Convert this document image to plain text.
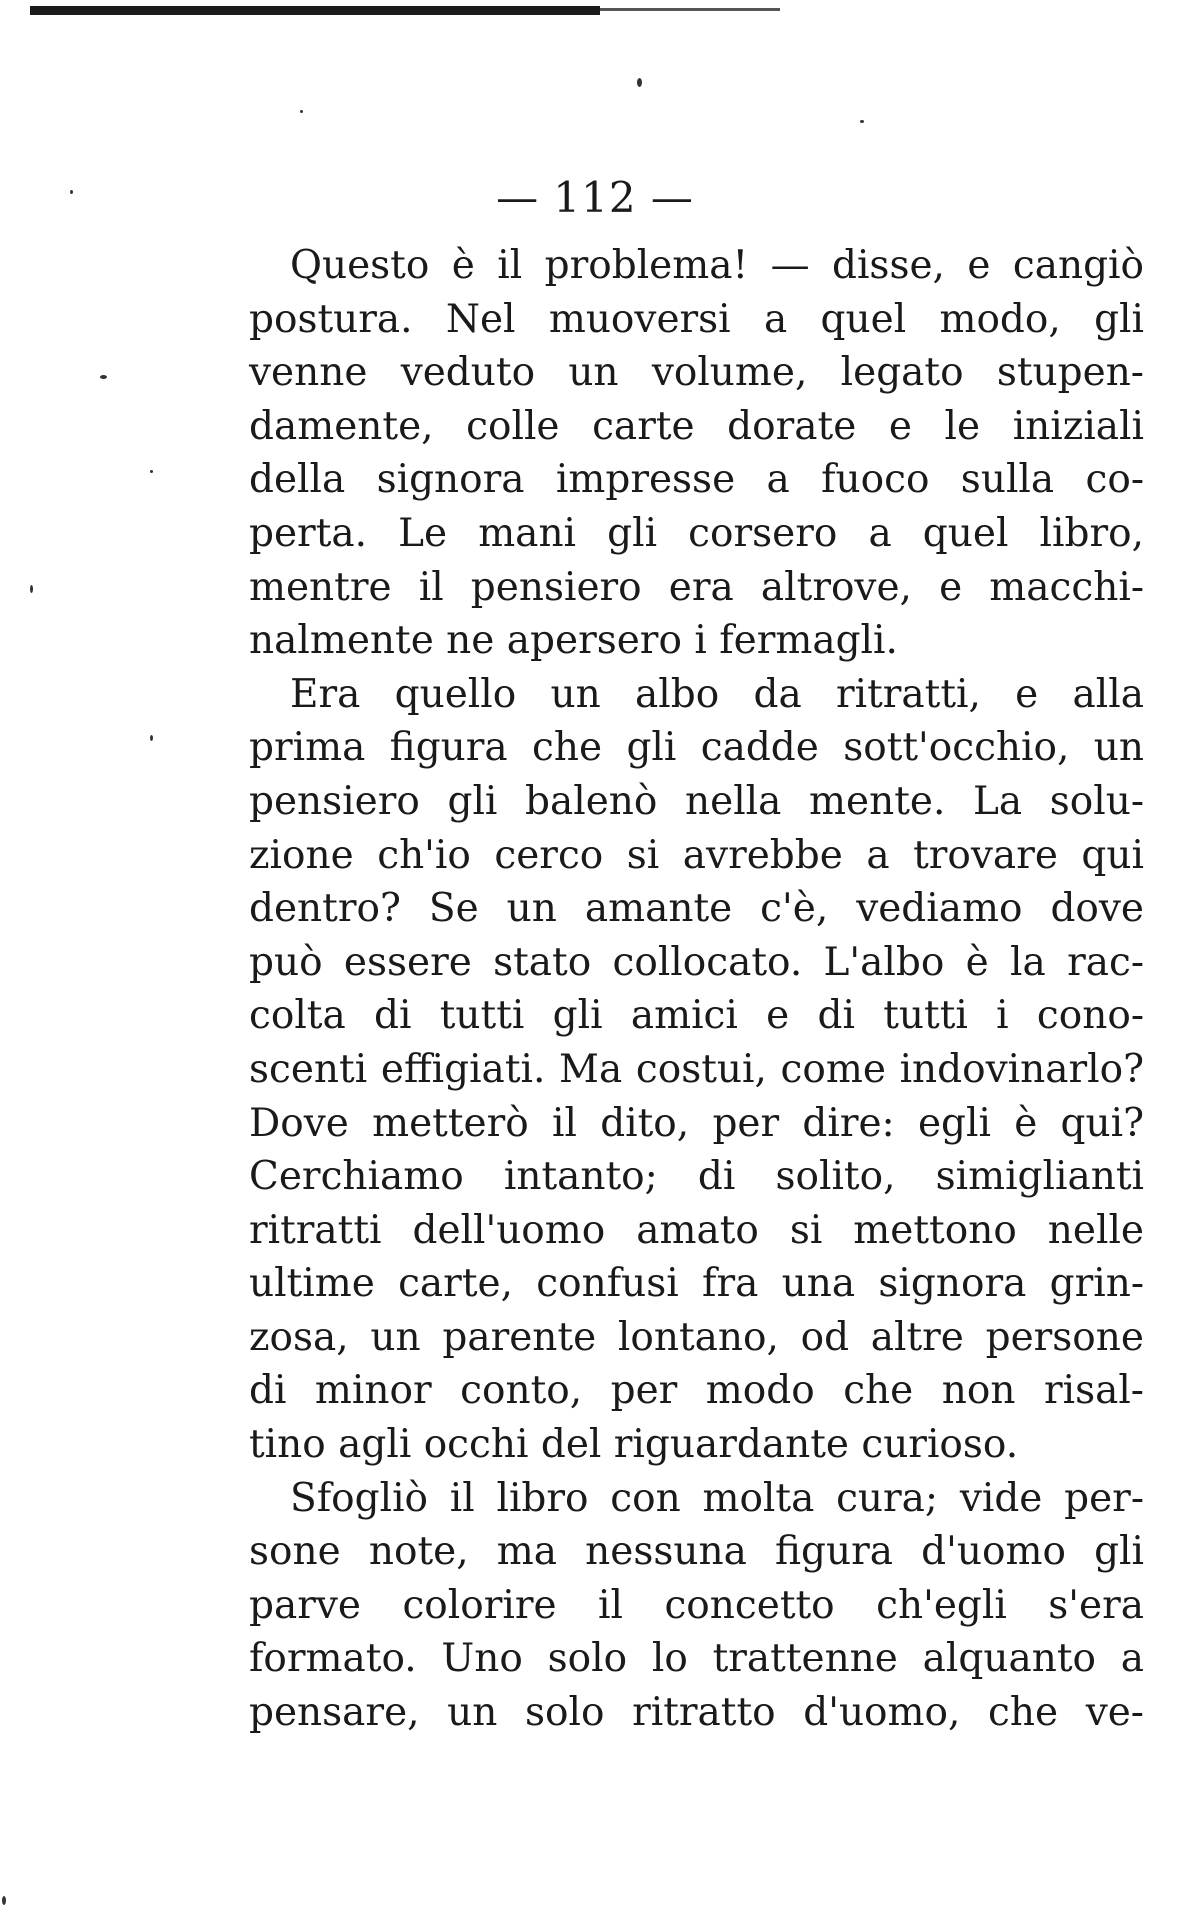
— 112 —
Questo è il problema! — disse, e cangiò
postura. Nel muoversi a quel modo, gli
venne veduto un volume, legato stupen-
damente, colle carte dorate e le iniziali
della signora impresse a fuoco sulla co-
perta. Le mani gli corsero a quel libro,
mentre il pensiero era altrove, e macchi-
nalmente ne apersero i fermagli.
Era quello un albo da ritratti, e alla
prima figura che gli cadde sott'occhio, un
pensiero gli balenò nella mente. La solu-
zione ch'io cerco si avrebbe a trovare qui
dentro? Se un amante c'è, vediamo dove
può essere stato collocato. L'albo è la rac-
colta di tutti gli amici e di tutti i cono-
scenti effigiati. Ma costui, come indovinarlo?
Dove metterò il dito, per dire: egli è qui?
Cerchiamo intanto; di solito, simiglianti
ritratti dell'uomo amato si mettono nelle
ultime carte, confusi fra una signora grin-
zosa, un parente lontano, od altre persone
di minor conto, per modo che non risal-
tino agli occhi del riguardante curioso.
Sfogliò il libro con molta cura; vide per-
sone note, ma nessuna figura d'uomo gli
parve colorire il concetto ch'egli s'era
formato. Uno solo lo trattenne alquanto a
pensare, un solo ritratto d'uomo, che ve-
